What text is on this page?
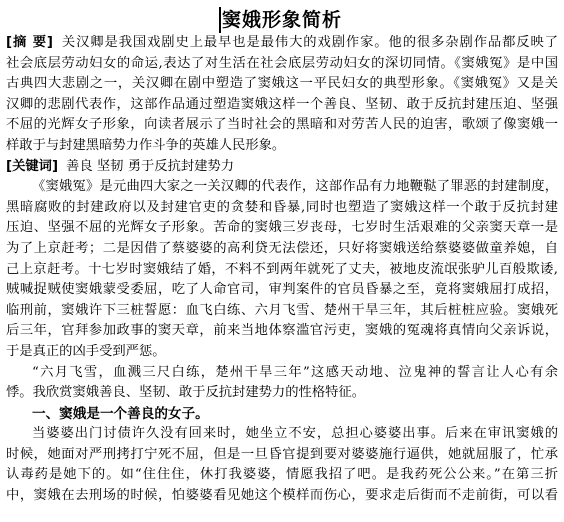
窦娥形象简析
[摘 要] 关汉卿是我国戏剧史上最早也是最伟大的戏剧作家。他的很多杂剧作品都反映了
社会底层劳动妇女的命运,表达了对生活在社会底层劳动妇女的深切同情。《窦娥冤》是中国
古典四大悲剧之一，关汉卿在剧中塑造了窦娥这一平民妇女的典型形象。《窦娥冤》又是关
汉卿的悲剧代表作，这部作品通过塑造窦娥这样一个善良、坚韧、敢于反抗封建压迫、坚强
不屈的光辉女子形象，向读者展示了当时社会的黑暗和对劳苦人民的迫害，歌颂了像窦娥一
样敢于与封建黑暗势力作斗争的英雄人民形象。
[关键词] 善良 坚韧 勇于反抗封建势力
《窦娥冤》是元曲四大家之一关汉卿的代表作，这部作品有力地鞭鞑了罪恶的封建制度，
黑暗腐败的封建政府以及封建官吏的贪婪和昏暴,同时也塑造了窦娥这样一个敢于反抗封建
压迫、坚强不屈的光辉女子形象。苦命的窦娥三岁丧母，七岁时生活艰难的父亲窦天章一是
为了上京赶考；二是因借了蔡婆婆的高利贷无法偿还，只好将窦娥送给蔡婆婆做童养媳，自
己上京赶考。十七岁时窦娥结了婚，不料不到两年就死了丈夫，被地皮流氓张驴儿百般欺诿,
贼喊捉贼使窦娥蒙受委屈，吃了人命官司，审判案件的官员昏暴之至，竟将窦娥屈打成招，
临刑前，窦娥许下三桩誓愿：血飞白练、六月飞雪、楚州干旱三年，其后桩桩应验。窦娥死
后三年，官拜参加政事的窦天章，前来当地体察滥官污吏，窦娥的冤魂将真情向父亲诉说，
于是真正的凶手受到严惩。
“六月飞雪，血溅三尺白练，楚州干旱三年”这感天动地、泣鬼神的誓言让人心有余
悸。我欣赏窦娥善良、坚韧、敢于反抗封建势力的性格特征。
一、窦娥是一个善良的女子。
当婆婆出门讨债许久没有回来时，她坐立不安，总担心婆婆出事。后来在审讯窦娥的
时候，她面对严刑拷打宁死不屈，但是一旦昏官提到要对婆婆施行逼供，她就屈服了，忙承
认毒药是她下的。如“住住住，休打我婆婆，情愿我招了吧。是我药死公公来。”在第三折
中，窦娥在去刑场的时候，怕婆婆看见她这个模样而伤心，要求走后街而不走前街，可以看
